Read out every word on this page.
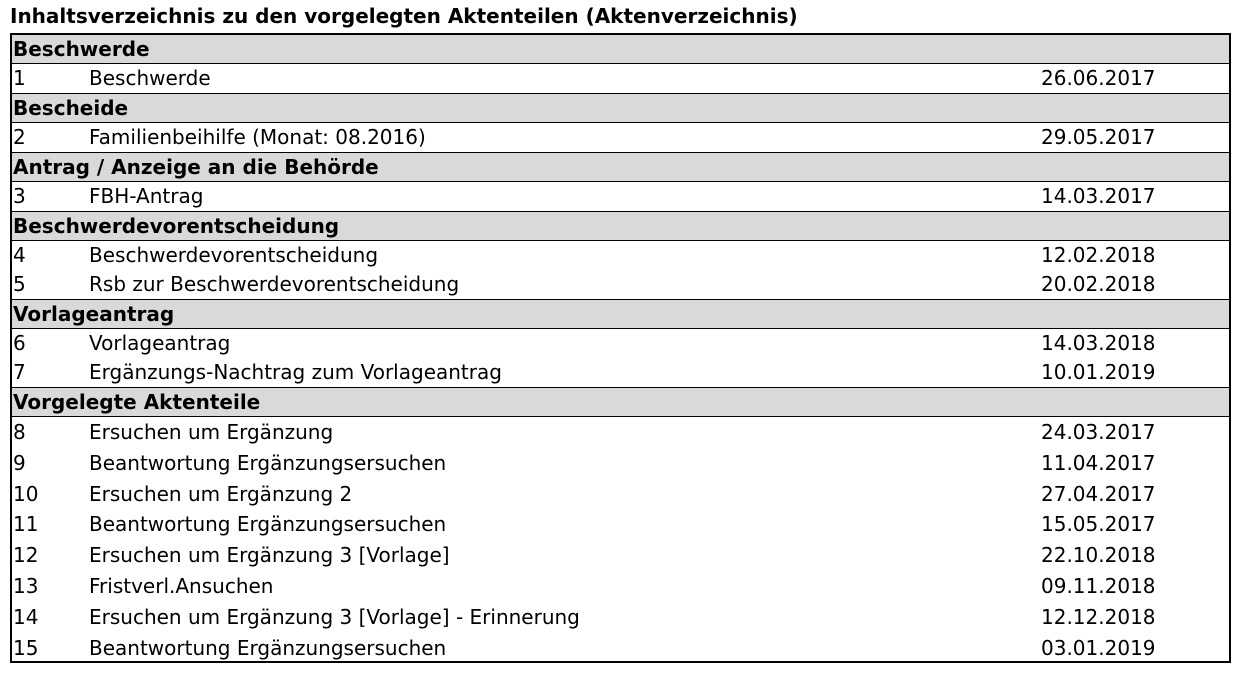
Inhaltsverzeichnis zu den vorgelegten Aktenteilen (Aktenverzeichnis)
Beschwerde
1	Beschwerde	26.06.2017
Bescheide
2	Familienbeihilfe (Monat: 08.2016)	29.05.2017
Antrag / Anzeige an die Behörde
3	FBH-Antrag	14.03.2017
Beschwerdevorentscheidung
4	Beschwerdevorentscheidung	12.02.2018
5	Rsb zur Beschwerdevorentscheidung	20.02.2018
Vorlageantrag
6	Vorlageantrag	14.03.2018
7	Ergänzungs-Nachtrag zum Vorlageantrag	10.01.2019
Vorgelegte Aktenteile
8	Ersuchen um Ergänzung	24.03.2017
9	Beantwortung Ergänzungsersuchen	11.04.2017
10	Ersuchen um Ergänzung 2	27.04.2017
11	Beantwortung Ergänzungsersuchen	15.05.2017
12	Ersuchen um Ergänzung 3 [Vorlage]	22.10.2018
13	Fristverl.Ansuchen	09.11.2018
14	Ersuchen um Ergänzung 3 [Vorlage] - Erinnerung	12.12.2018
15	Beantwortung Ergänzungsersuchen	03.01.2019
